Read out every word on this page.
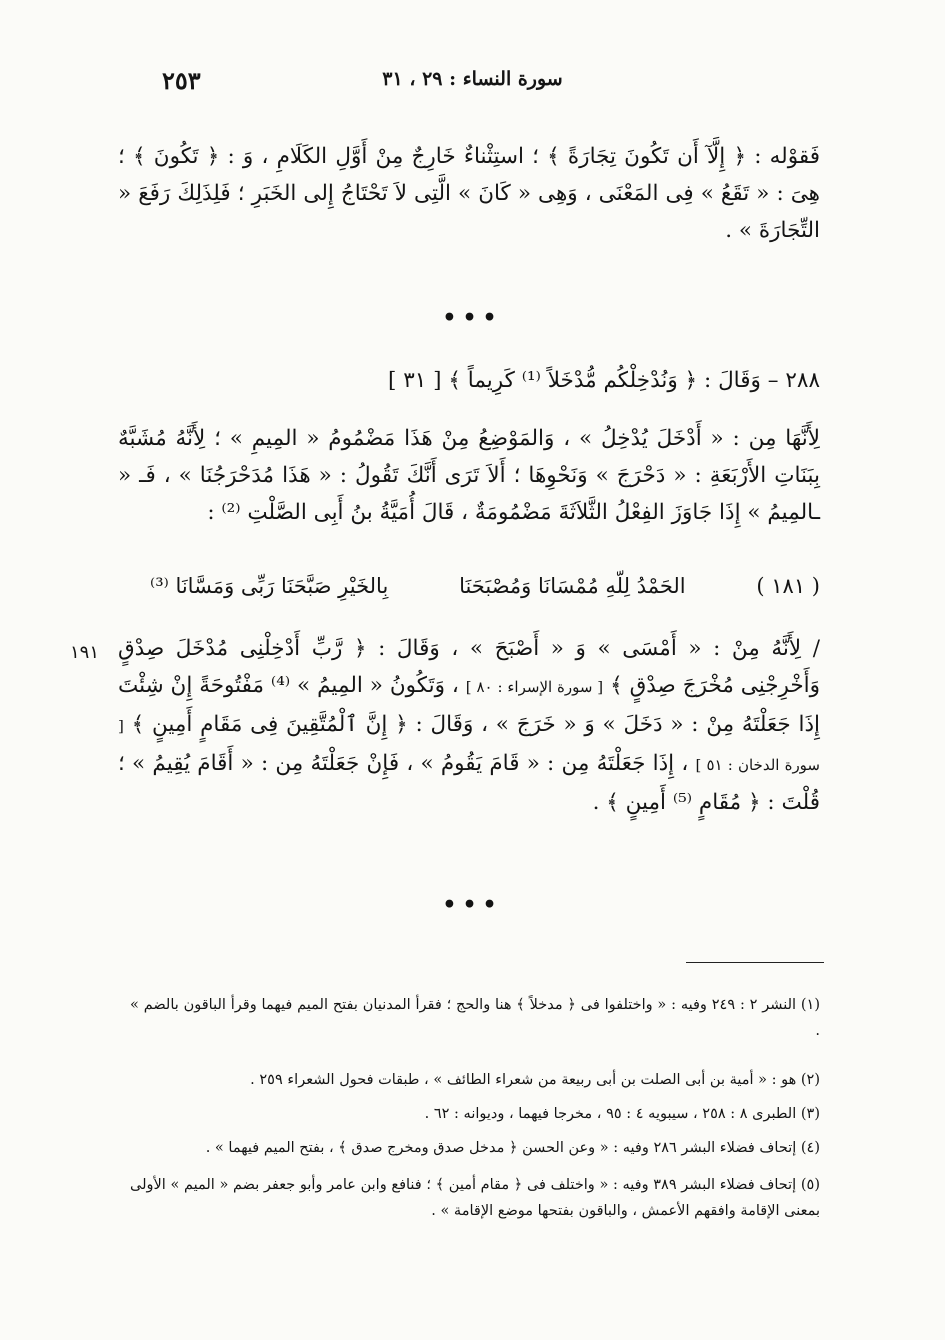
٢٥٣	سورة النساء : ٢٩ ، ٣١
فَقوْله : ﴿ إِلَّآ أَن تَكُونَ تِجَارَةً ﴾ ؛ استِثْناءٌ خَارِجٌ مِنْ أَوَّلِ الكَلَامِ ، وَ : ﴿ تَكُونَ ﴾ ؛ هِىَ : « تَقَعُ » فِى المَعْنَى ، وَهِى « كَانَ » الَّتِى لاَ تَحْتَاجُ إِلى الخَبَرِ ؛ فَلِذَلِكَ رَفَعَ « التِّجَارَةَ » .
•••
٢٨٨ – وَقَالَ : ﴿ وَنُدْخِلْكُم مُّدْخَلاً ⁽¹⁾ كَرِيماً ﴾ [ ٣١ ]
لِأَنَّهَا مِن : « أَدْخَلَ يُدْخِلُ » ، وَالمَوْضِعُ مِنْ هَذَا مَضْمُومُ « المِيمِ » ؛ لِأَنَّهُ مُشَبَّهٌ بِبَنَاتِ الأَرْبَعَةِ : « دَحْرَجَ » وَنَحْوِهَا ؛ أَلاَ تَرَى أَنَّكَ تَقُولُ : « هَذَا مُدَحْرَجُنَا » ، فَـ « ـالمِيمُ » إِذَا جَاوَزَ الفِعْلُ الثَّلاَثَةَ مَضْمُومَةٌ ، قَالَ أُمَيَّةُ بنُ أَبِى الصَّلْتِ ⁽²⁾ :
( ١٨١ )
الحَمْدُ لِلّهِ مُمْسَانَا وَمُصْبَحَنَا
بِالخَيْرِ صَبَّحَنَا رَبِّى وَمَسَّانَا ⁽³⁾
١٩١ / لِأَنَّهُ مِنْ : « أَمْسَى » وَ « أَصْبَحَ » ، وَقَالَ : ﴿ رَّبِّ أَدْخِلْنِى مُدْخَلَ صِدْقٍ وَأَخْرِجْنِى مُخْرَجَ صِدْقٍ ﴾ [ سورة الإسراء : ٨٠ ] ، وَتَكُونُ « المِيمُ » ⁽⁴⁾ مَفْتُوحَةً إِنْ شِئْتَ إِذَا جَعَلْتَهُ مِنْ : « دَخَلَ » وَ « خَرَجَ » ، وَقَالَ : ﴿ إِنَّ ٱلْمُتَّقِينَ فِى مَقَامٍ أَمِينٍ ﴾ [ سورة الدخان : ٥١ ] ، إِذَا جَعَلْتَهُ مِن : « قَامَ يَقُومُ » ، فَإِنْ جَعَلْتَهُ مِن : « أَقَامَ يُقِيمُ » ؛ قُلْتَ : ﴿ مُقَامٍ ⁽⁵⁾ أَمِينٍ ﴾ .
•••
(١) النشر ٢ : ٢٤٩ وفيه : « واختلفوا فى ﴿ مدخلاً ﴾ هنا والحج ؛ فقرأ المدنيان بفتح الميم فيهما وقرأ الباقون بالضم » .
(٢) هو : « أمية بن أبى الصلت بن أبى ربيعة من شعراء الطائف » ، طبقات فحول الشعراء ٢٥٩ .
(٣) الطبرى ٨ : ٢٥٨ ، سيبويه ٤ : ٩٥ ، مخرجا فيهما ، وديوانه : ٦٢ .
(٤) إتحاف فضلاء البشر ٢٨٦ وفيه : « وعن الحسن ﴿ مدخل صدق ومخرج صدق ﴾ ، بفتح الميم فيهما » .
(٥) إتحاف فضلاء البشر ٣٨٩ وفيه : « واختلف فى ﴿ مقام أمين ﴾ ؛ فنافع وابن عامر وأبو جعفر بضم « الميم » الأولى بمعنى الإقامة وافقهم الأعمش ، والباقون بفتحها موضع الإقامة » .
